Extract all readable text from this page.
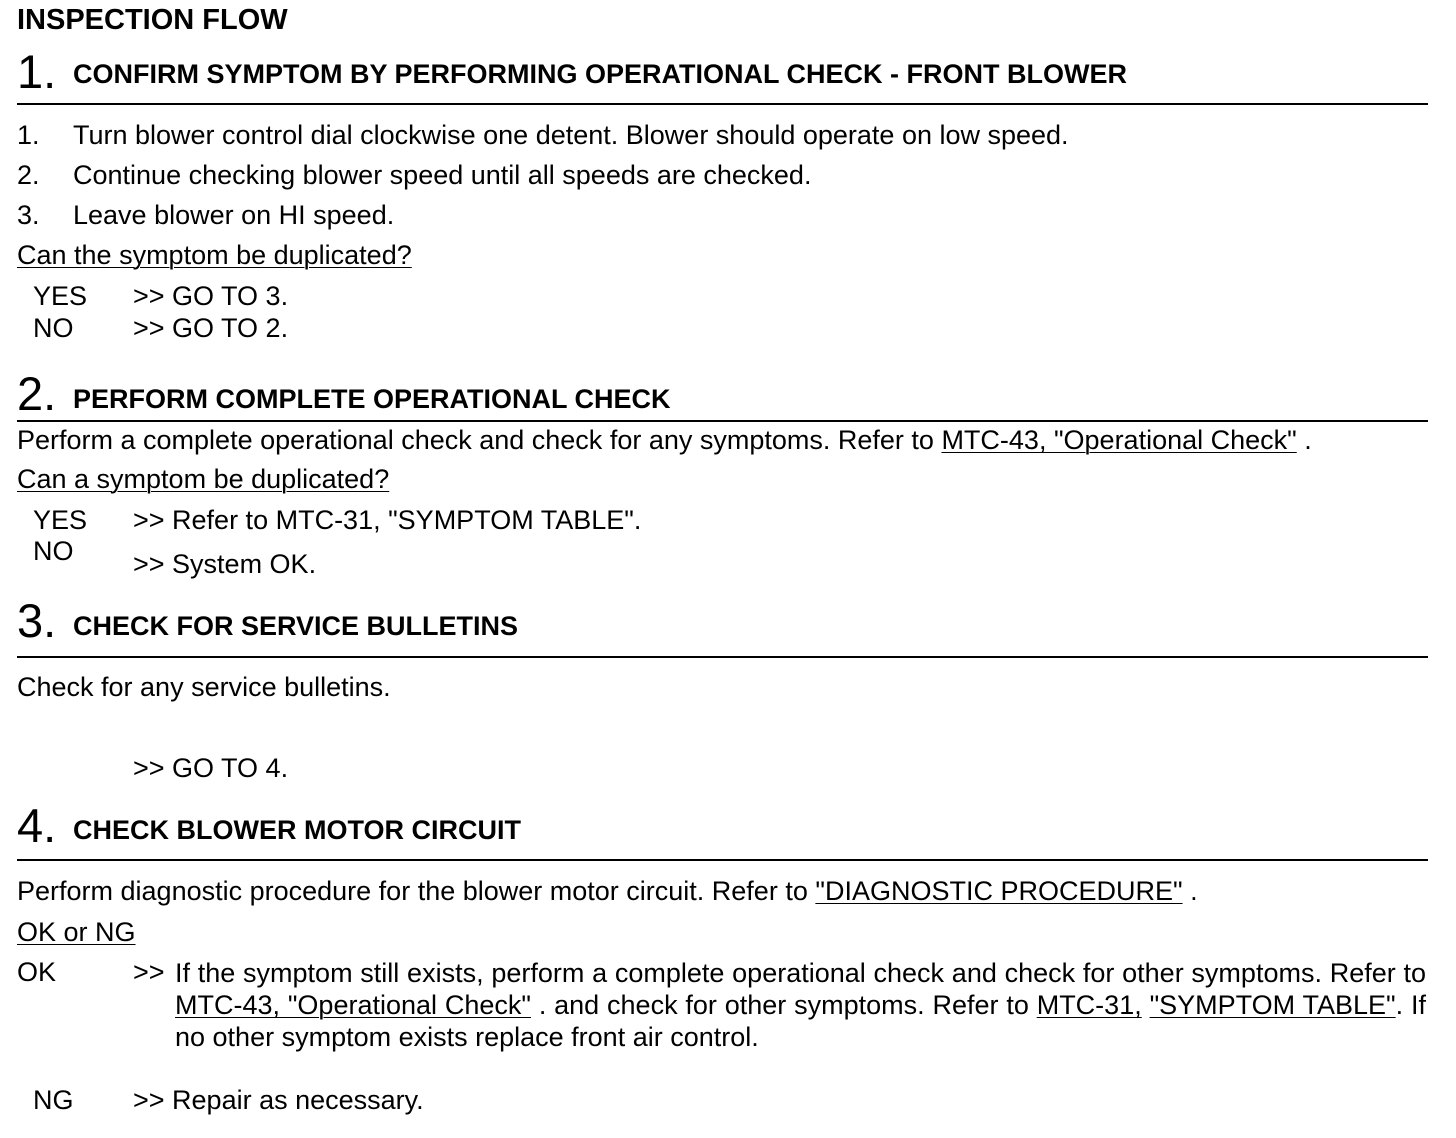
INSPECTION FLOW
1. CONFIRM SYMPTOM BY PERFORMING OPERATIONAL CHECK - FRONT BLOWER
1. Turn blower control dial clockwise one detent. Blower should operate on low speed.
2. Continue checking blower speed until all speeds are checked.
3. Leave blower on HI speed.
Can the symptom be duplicated?
YES >> GO TO 3.
NO >> GO TO 2.
2. PERFORM COMPLETE OPERATIONAL CHECK
Perform a complete operational check and check for any symptoms. Refer to MTC-43, "Operational Check" .
Can a symptom be duplicated?
YES >> Refer to MTC-31, "SYMPTOM TABLE".
NO >> System OK.
3. CHECK FOR SERVICE BULLETINS
Check for any service bulletins.
>> GO TO 4.
4. CHECK BLOWER MOTOR CIRCUIT
Perform diagnostic procedure for the blower motor circuit. Refer to "DIAGNOSTIC PROCEDURE" .
OK or NG
OK	>> If the symptom still exists, perform a complete operational check and check for other symptoms. Refer to MTC-43, "Operational Check" . and check for other symptoms. Refer to MTC-31, "SYMPTOM TABLE". If no other symptom exists replace front air control.
NG >> Repair as necessary.
